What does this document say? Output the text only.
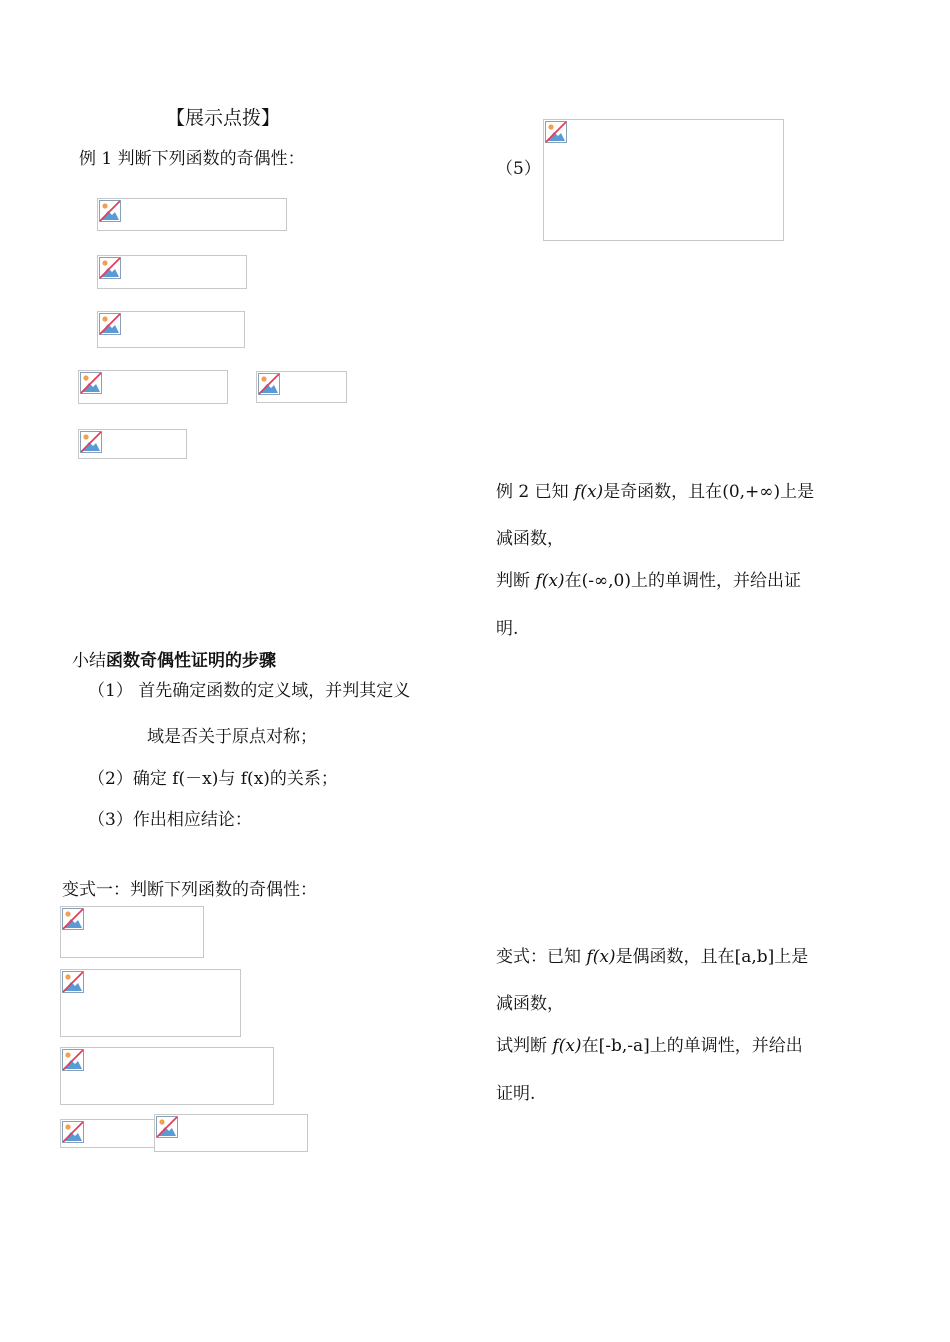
【展示点拨】
例 1 判断下列函数的奇偶性：
小结函数奇偶性证明的步骤
（1） 首先确定函数的定义域，并判其定义
域是否关于原点对称；
（2）确定 f(－x)与 f(x)的关系；
（3）作出相应结论：
变式一：判断下列函数的奇偶性：
（5）
例 2 已知 f(x)是奇函数，且在(0,+∞)上是
减函数，
判断 f(x)在(-∞,0)上的单调性，并给出证
明.
变式：已知 f(x)是偶函数，且在[a,b]上是
减函数，
试判断 f(x)在[-b,-a]上的单调性，并给出
证明.
